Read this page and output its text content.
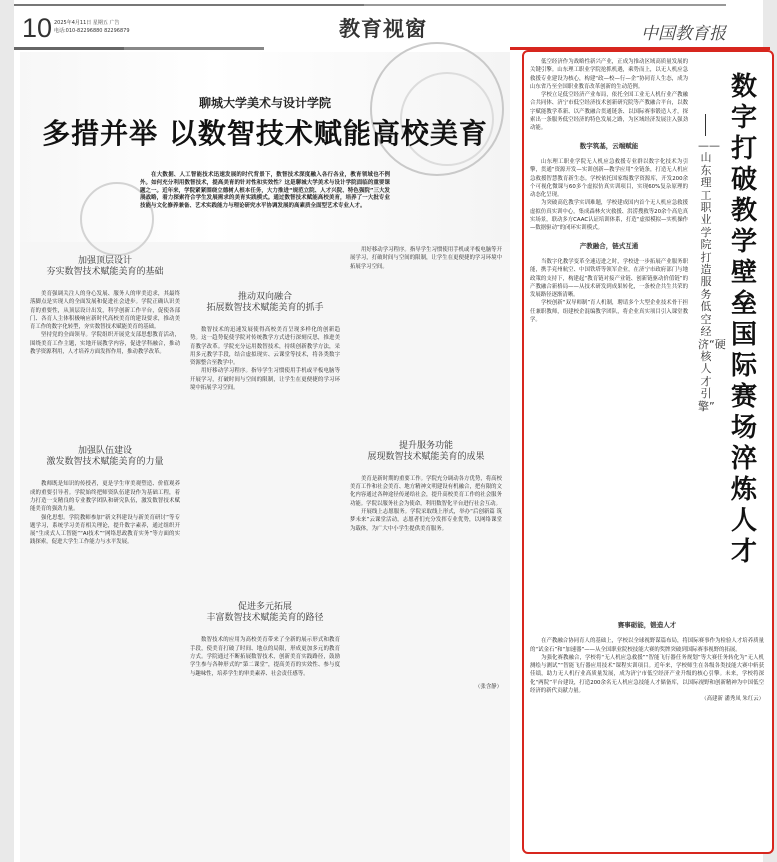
10 2025年4月11日 星期五 广告
电话:010-82296880 82296879	教育视窗	中国教育报
聊城大学美术与设计学院
多措并举 以数智技术赋能高校美育
在大数据、人工智能技术迅速发展的时代背景下，数智技术深度融入各行各业，教育领域也不例外。如何充分利用数智技术，提高美育的针对性和实效性？这是聊城大学美术与设计学院面临的重要课题之一。近年来，学院紧紧围绕立德树人根本任务，大力推进“规范立院、人才兴院、特色强院”三大发展战略，着力探索符合学生发展需求的美育实践模式。通过数智技术赋能高校美育，培养了一大批专业技能与文化修养兼备、艺术实践能力与理论研究水平协调发展的高素质全面型艺术专业人才。
加强顶层设计
夯实数智技术赋能美育的基础

美育强调关注人的身心发展、服务人的审美追求，其最终落脚点是实现人的全面发展和促进社会进步。学院正确认识美育的重要性，从顶层设计出发，科学创新工作平台，促使各部门、各育人主体积极响应新时代高校美育的建设要求，推动美育工作的数字化转型，夯实数智技术赋能美育的基础。

坚持党的全面领导。学院组织开展党支部思想教育活动，围绕美育工作主题，实地开展教学内容，促进学科融合，推动教学资源利用，人才培养方面发挥作用，推动教学改革。

加强队伍建设
激发数智技术赋能美育的力量

教师既是知识的传授者，更是学生审美观塑造、价值观养成的重要引导者。学院始终把师资队伍建设作为基础工程，着力打造一支精良的专业教学团队和研究队伍，激发数智技术赋能美育的强劲力量。

强化思想。学院教师参加“新文科建设与新美育研讨”等专题学习，系统学习美育相关理论，提升数字素养，通过组织开展“生成式人工智能”“AI技术”“网络思政教育实务”等方面的实践探索，促进大学生工作能力与水平发展。

推动双向融合
拓展数智技术赋能美育的抓手

数智技术的迅速发展使得高校美育呈现多样化的创新趋势。这一趋势促使学院对传统教学方式进行深刻反思，推进美育教学改革。学院充分运用数智技术，持续创新教学方法，采用多元教学手段，结合虚拟现实、云课堂等技术，将各类数字资源整合至教学中。

用好移动学习程序。指导学生习惯使用手机或平板电脑等开展学习，打破时间与空间的限制，让学生在更便捷的学习环境中拓展学习空间。

促进多元拓展
丰富数智技术赋能美育的路径

数智技术的应用为高校美育带来了全新的展示形式和教育手段，使美育打破了时间、地点的局限，形成更加多元的教育方式。学院通过不断拓展数智技术，创新美育实践路径，鼓励学生参与各种形式的“第二课堂”，提高美育的实效性、参与度与趣味性，培养学生的审美素养、社会责任感等。

用好移动学习程序。指导学生习惯使用手机或平板电脑等开展学习，打破时间与空间的限制，让学生在更便捷的学习环境中拓展学习空间。

提升服务功能
展现数智技术赋能美育的成果

美育是新时期的重要工作。学院充分调动各方优势，将高校美育工作和社会美育、地方精神文明建设有机融合，把有限的文化内容通过各种途径传递给社会，提升高校美育工作的社会服务功能。学院以服务社会为使命，利用数智化平台进行社会互动。

开展线上志愿服务。学院采取线上形式，举办“后创新篇 筑梦未来”云课堂活动，志愿者们充分发挥专业优势，以网络课堂为载体，为广大中小学生提供美育服务。

（张含静）

低空经济作为战略性新兴产业，正成为推动区域高质量发展的关键引擎。山东理工职业学院抢抓机遇，乘势而上，以无人机应急救援专业建设为核心，构建“政—校—行—企”协同育人生态，成为山东省乃至全国职业教育改革创新的生动范例。

学校立足低空经济产业布局，依托全国工业无人机行业产教融合共同体、济宁市低空经济技术创新研究院等产教融合平台，以数字赋能教学革新、以产教融合贯通链条、以国际赛事锻造人才，探索出一条服务低空经济的特色发展之路，为区域经济发展注入强劲动能。

数字筑基，云端赋能

山东理工职业学院无人机应急救援专业群以数字化技术为引擎，贯通“资源开发—实训创新—教学应用”全链条，打造无人机应急救援智慧教育新生态。学校依托国家级教学资源库，开发200余个可视化微课与60多个虚拟仿真实训项目，实现60%复杂原理的动态化呈现。

为突破高危教学实训难题，学校建成国内首个无人机应急救援虚拟仿真实训中心，集成森林火灾救援、洪涝搜救等20余个高危真实场景，联动多方CAAC认证培训体系，打造“虚拟模拟—实机操作—数据驱动”的闭环实训模式。

产教融合，链式互通

当数字化教学变革全速迈进之时，学校进一步拓展产业服务职能，携手兖州航空、中国铁塔等领军企业，在济宁市政府部门与地政策的支持下，构建起“教育链对接产业链、创新链驱动价值链”的产教融合新格局——从技术研发到成果转化，一条校企共生共荣的发展路径逐渐清晰。

学校创新“双导师制”育人机制，聘请多个大型企业技术骨干担任兼职教师，组建校企混编教学团队，将企业真实项目引入课堂教学。

赛事砺能，锻造人才

在产教融合协同育人的基础上，学校以全球视野谋篇布局，将国际赛事作为检验人才培养质量的“试金石”和“加速器”——从全国职业院校技能大赛的奖牌突破到国际赛事视野的拓展。

为强化赛教融合，学校将“无人机应急救援”“智能飞行器任务规划”等大赛任务转化为“无人机测绘与测试”“智能飞行器应用技术”课程实训项目。近年来，学校师生在各级各类技能大赛中斩获佳绩，助力无人机行业高质量发展，成为济宁市低空经济产业升级的核心引擎。未来，学校将深化“两院”平台建设，打造200余名无人机应急技能人才储备库，以国际视野和创新精神为中国低空经济的新代贡献力量。

（高建新 潘秀凤 朱红云）
数字打破教学壁垒 国际赛场淬炼人才
——山东理工职业学院打造服务低空经济“硬核人才引擎”
